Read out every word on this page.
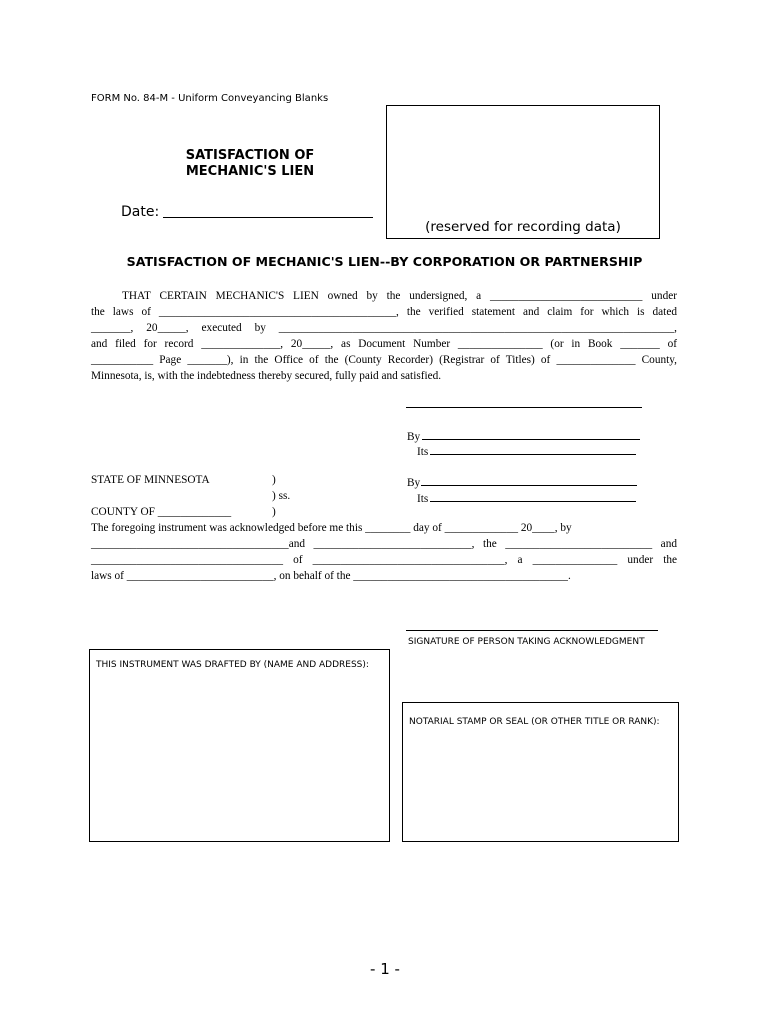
FORM No. 84-M - Uniform Conveyancing Blanks
(reserved for recording data)
SATISFACTION OF
MECHANIC'S LIEN
Date:
SATISFACTION OF MECHANIC'S LIEN--BY CORPORATION OR PARTNERSHIP
THAT CERTAIN MECHANIC'S LIEN owned by the undersigned, a ___________________________ under
the laws of __________________________________________, the verified statement and claim for which is dated
_______, 20_____, executed by ______________________________________________________________________,
and filed for record ______________, 20_____, as Document Number _______________ (or in Book _______ of
___________ Page _______), in the Office of the (County Recorder) (Registrar of Titles) of ______________ County,
Minnesota, is, with the indebtedness thereby secured, fully paid and satisfied.
By
Its
STATE OF MINNESOTA	)
) ss.
COUNTY OF _____________	)
By
Its
The foregoing instrument was acknowledged before me this ________ day of _____________ 20____, by
___________________________________and ____________________________, the __________________________ and
__________________________________ of __________________________________, a _______________ under the
laws of __________________________, on behalf of the ______________________________________.
SIGNATURE OF PERSON TAKING ACKNOWLEDGMENT
THIS INSTRUMENT WAS DRAFTED BY (NAME AND ADDRESS):
NOTARIAL STAMP OR SEAL (OR OTHER TITLE OR RANK):
- 1 -
